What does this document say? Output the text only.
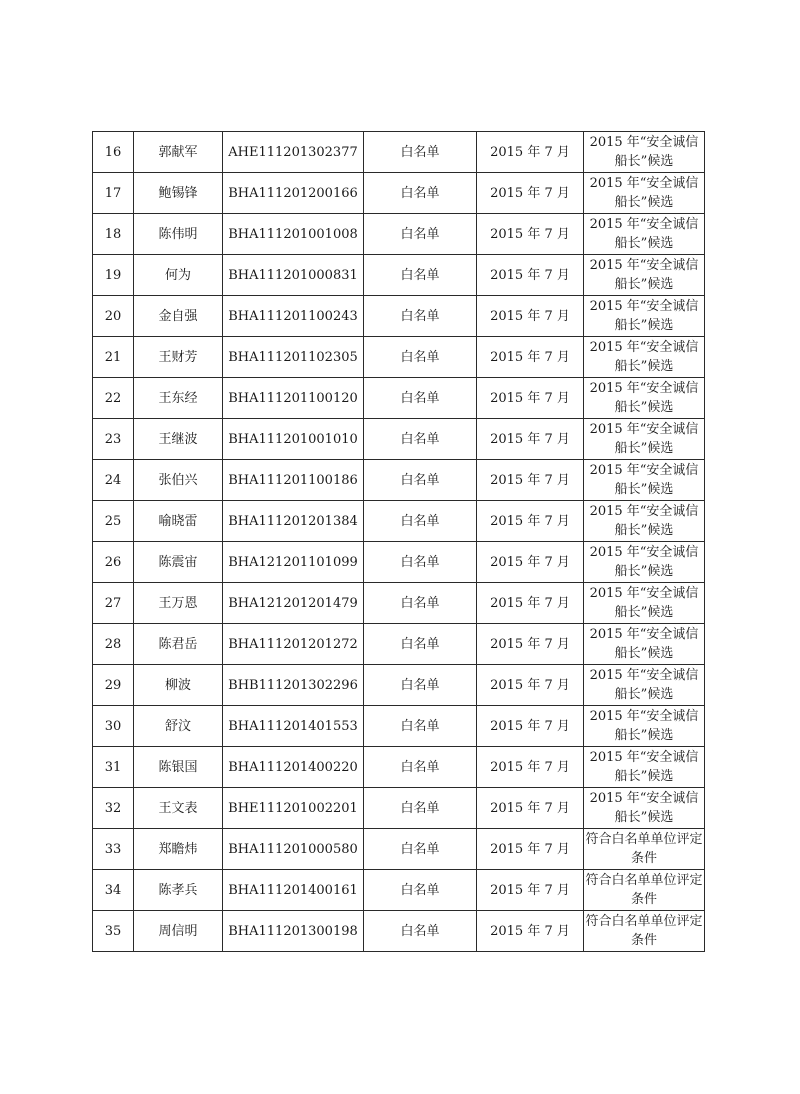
16	郭献军	AHE111201302377	白名单	2015 年 7 月	2015 年“安全诚信船长”候选
17	鲍锡锋	BHA111201200166	白名单	2015 年 7 月	2015 年“安全诚信船长”候选
18	陈伟明	BHA111201001008	白名单	2015 年 7 月	2015 年“安全诚信船长”候选
19	何为	BHA111201000831	白名单	2015 年 7 月	2015 年“安全诚信船长”候选
20	金自强	BHA111201100243	白名单	2015 年 7 月	2015 年“安全诚信船长”候选
21	王财芳	BHA111201102305	白名单	2015 年 7 月	2015 年“安全诚信船长”候选
22	王东经	BHA111201100120	白名单	2015 年 7 月	2015 年“安全诚信船长”候选
23	王继波	BHA111201001010	白名单	2015 年 7 月	2015 年“安全诚信船长”候选
24	张伯兴	BHA111201100186	白名单	2015 年 7 月	2015 年“安全诚信船长”候选
25	喻晓雷	BHA111201201384	白名单	2015 年 7 月	2015 年“安全诚信船长”候选
26	陈震宙	BHA121201101099	白名单	2015 年 7 月	2015 年“安全诚信船长”候选
27	王万恩	BHA121201201479	白名单	2015 年 7 月	2015 年“安全诚信船长”候选
28	陈君岳	BHA111201201272	白名单	2015 年 7 月	2015 年“安全诚信船长”候选
29	柳波	BHB111201302296	白名单	2015 年 7 月	2015 年“安全诚信船长”候选
30	舒汶	BHA111201401553	白名单	2015 年 7 月	2015 年“安全诚信船长”候选
31	陈银国	BHA111201400220	白名单	2015 年 7 月	2015 年“安全诚信船长”候选
32	王文表	BHE111201002201	白名单	2015 年 7 月	2015 年“安全诚信船长”候选
33	郑瞻炜	BHA111201000580	白名单	2015 年 7 月	符合白名单单位评定条件
34	陈孝兵	BHA111201400161	白名单	2015 年 7 月	符合白名单单位评定条件
35	周信明	BHA111201300198	白名单	2015 年 7 月	符合白名单单位评定条件
